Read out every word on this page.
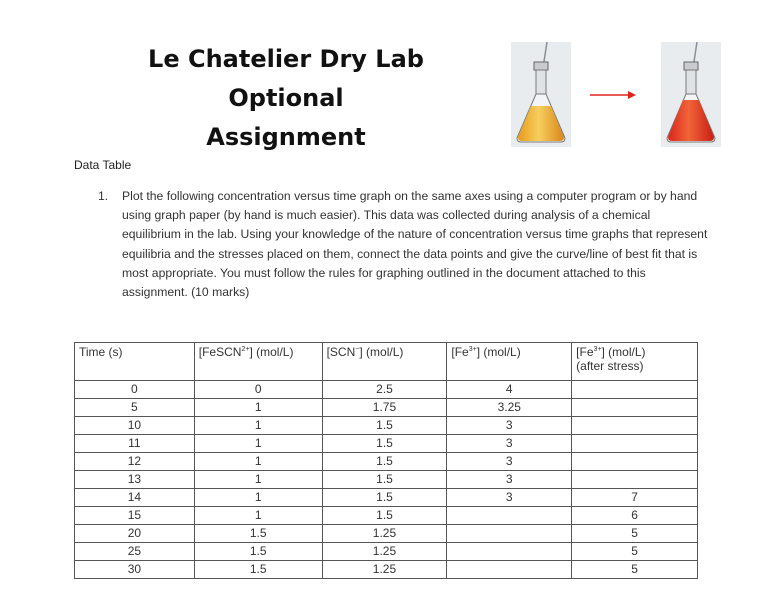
Le Chatelier Dry Lab Optional
Assignment
Data Table
1. Plot the following concentration versus time graph on the same axes using a computer program or by hand using graph paper (by hand is much easier). This data was collected during analysis of a chemical equilibrium in the lab. Using your knowledge of the nature of concentration versus time graphs that represent equilibria and the stresses placed on them, connect the data points and give the curve/line of best fit that is most appropriate. You must follow the rules for graphing outlined in the document attached to this assignment. (10 marks)
Time (s)	[FeSCN$^{2+}$] (mol/L)	[SCN−] (mol/L)	$[Fe^{3+}]$ (mol/L)	$[Fe^{3+}]$ (mol/L)
(after stress)
0	0	2.5	4	
5	1	1.75	3.25	
10	1	1.5	3	
11	1	1.5	3	
12	1	1.5	3	
13	1	1.5	3	
14	1	1.5	3	7
15	1	1.5		6
20	1.5	1.25		5
25	1.5	1.25		5
30	1.5	1.25		5
